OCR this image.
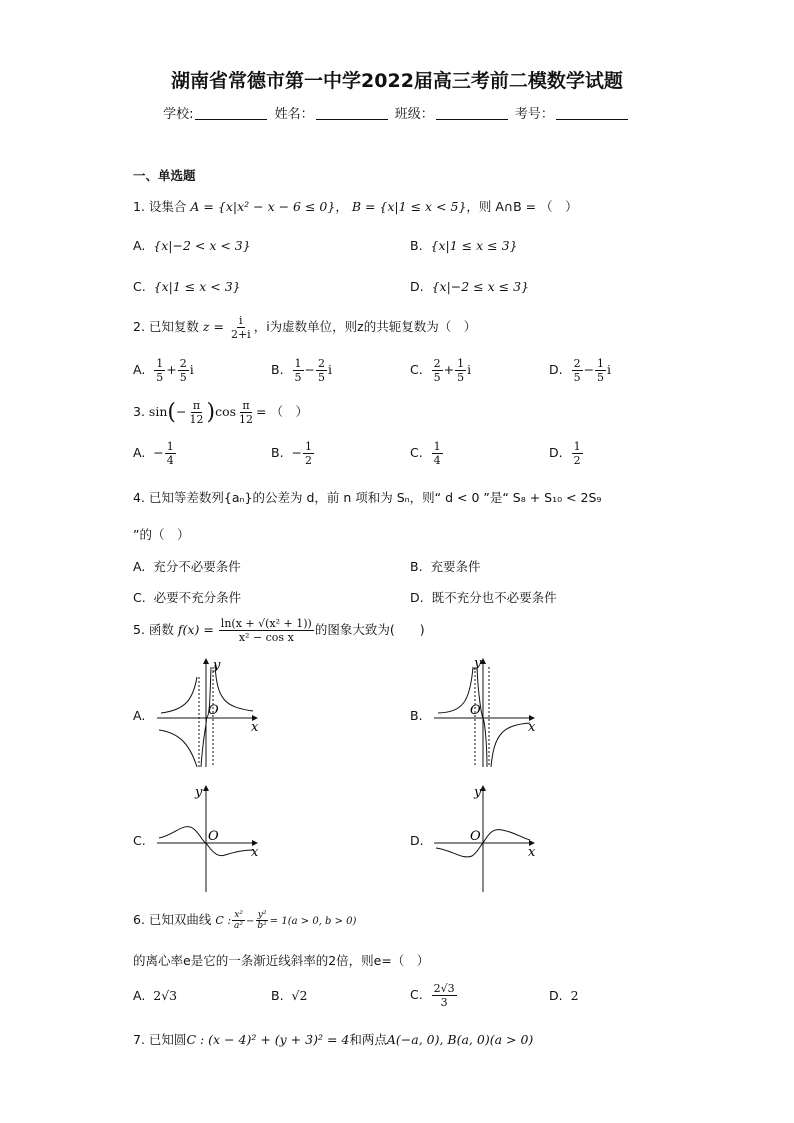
湖南省常德市第一中学2022届高三考前二模数学试题
学校:	姓名：	班级：	考号：
一、单选题
1. 设集合 A = {x|x² − x − 6 ≤ 0}， B = {x|1 ≤ x < 5}，则 A∩B = （　）
A. {x|−2 < x < 3}	B. {x|1 ≤ x ≤ 3}
C. {x|1 ≤ x < 3}	D. {x|−2 ≤ x ≤ 3}
2. 已知复数 $z = \frac{i}{2+i}$ ，i为虚数单位，则z的共轭复数为（　）
A. $\frac{1}{5} + \frac{2}{5}$ i	B. $\frac{1}{5} - \frac{2}{5}$ i	C. $\frac{2}{5} + \frac{1}{5}$ i	D. $\frac{2}{5} - \frac{1}{5}$ i
3. $\sin(- \frac{\pi}{12} )\cos \frac{\pi}{12}$ = （　）
A. − $\frac{1}{4}$	B. − $\frac{1}{2}$	C. $\frac{1}{4}$	D. $\frac{1}{2}$
4. 已知等差数列{aₙ}的公差为 d，前 n 项和为 Sₙ，则“ d < 0 ”是“ S₈ + S₁₀ < 2S₉
”的（　）
A. 充分不必要条件	B. 充要条件
C. 必要不充分条件	D. 既不充分也不必要条件
5. 函数 $f(x) = \frac{\text{ln(x + √(x² + 1))}}{\text{x² − cos x}}$ 的图象大致为(　　)
A.	B.
C.	D.
y
x
O
y
x
O
y
x
O
y
x
O
6. 已知双曲线 C : $\frac{\text{x²}}{\text{a²}} - \frac{\text{y²}}{\text{b²}} = 1(a > 0$, b > 0)
的离心率e是它的一条渐近线斜率的2倍，则e=（　）
A. 2√3	B. √2	C. $\frac{2√3}{3}$	D. 2
7. 已知圆C : (x − 4)² + (y + 3)² = 4和两点A(−a, 0), B(a, 0)(a > 0)
